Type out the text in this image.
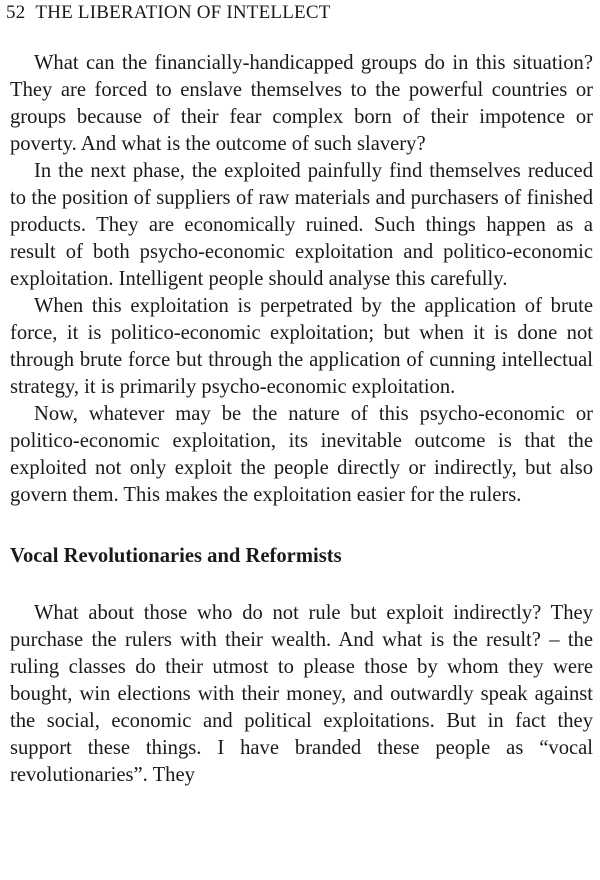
52 THE LIBERATION OF INTELLECT

What can the financially-handicapped groups do in this situation? They are forced to enslave themselves to the powerful countries or groups because of their fear complex born of their impotence or poverty. And what is the outcome of such slavery?

In the next phase, the exploited painfully find themselves reduced to the position of suppliers of raw materials and purchasers of finished products. They are economically ruined. Such things happen as a result of both psycho-economic exploitation and politico-economic exploitation. Intelligent people should analyse this carefully.

When this exploitation is perpetrated by the application of brute force, it is politico-economic exploitation; but when it is done not through brute force but through the application of cunning intellectual strategy, it is primarily psycho-economic exploitation.

Now, whatever may be the nature of this psycho-economic or politico-economic exploitation, its inevitable outcome is that the exploited not only exploit the people directly or indirectly, but also govern them. This makes the exploitation easier for the rulers.

Vocal Revolutionaries and Reformists

What about those who do not rule but exploit indirectly? They purchase the rulers with their wealth. And what is the result? – the ruling classes do their utmost to please those by whom they were bought, win elections with their money, and outwardly speak against the social, economic and political exploitations. But in fact they support these things. I have branded these people as “vocal revolutionaries”. They
